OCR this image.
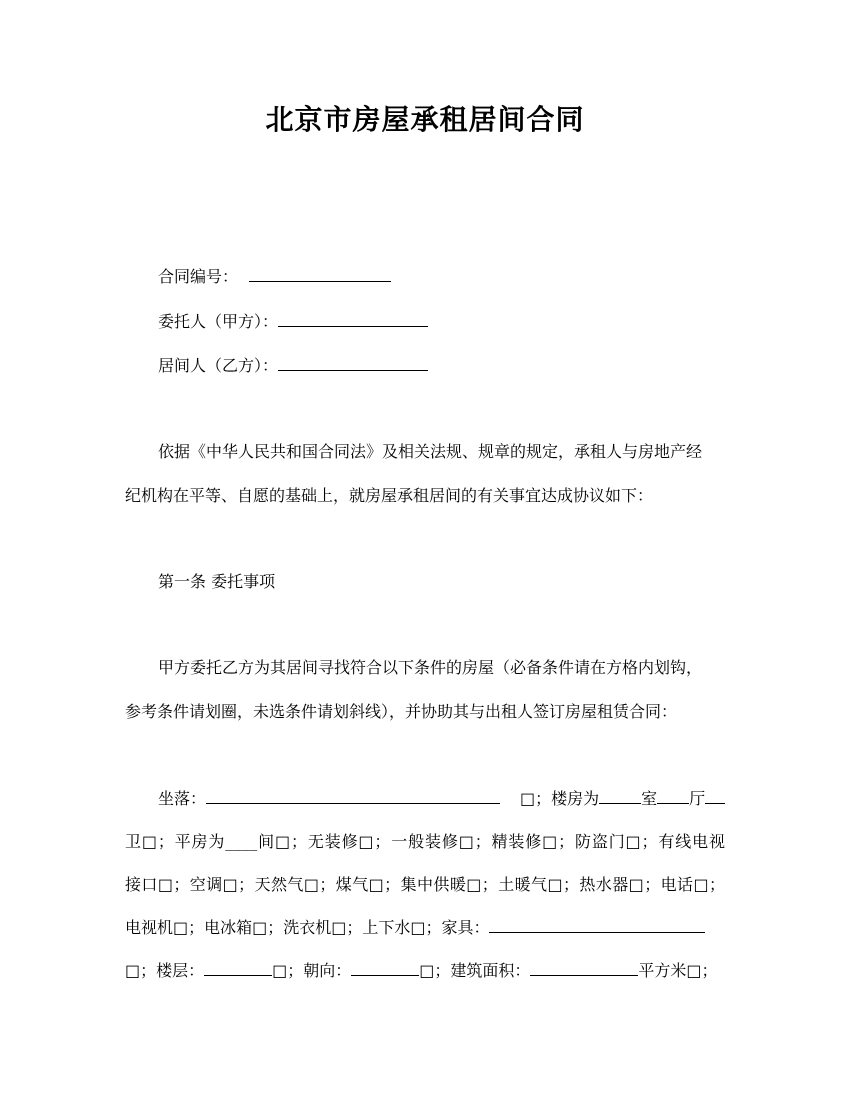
北京市房屋承租居间合同
合同编号：
委托人（甲方）：
居间人（乙方）：
依据《中华人民共和国合同法》及相关法规、规章的规定，承租人与房地产经
纪机构在平等、自愿的基础上，就房屋承租居间的有关事宜达成协议如下：
第一条 委托事项
甲方委托乙方为其居间寻找符合以下条件的房屋（必备条件请在方格内划钩，
参考条件请划圈，未选条件请划斜线），并协助其与出租人签订房屋租赁合同：
坐落：	□；楼房为	室 厅
卫□；平房为____间□；无装修□；一般装修□；精装修□；防盗门□；有线电视
接口□；空调□；天然气□；煤气□；集中供暖□；土暖气□；热水器□；电话□；
电视机□；电冰箱□；洗衣机□；上下水□；家具：
□；楼层：	□；朝向：	□；建筑面积：	平方米□；
